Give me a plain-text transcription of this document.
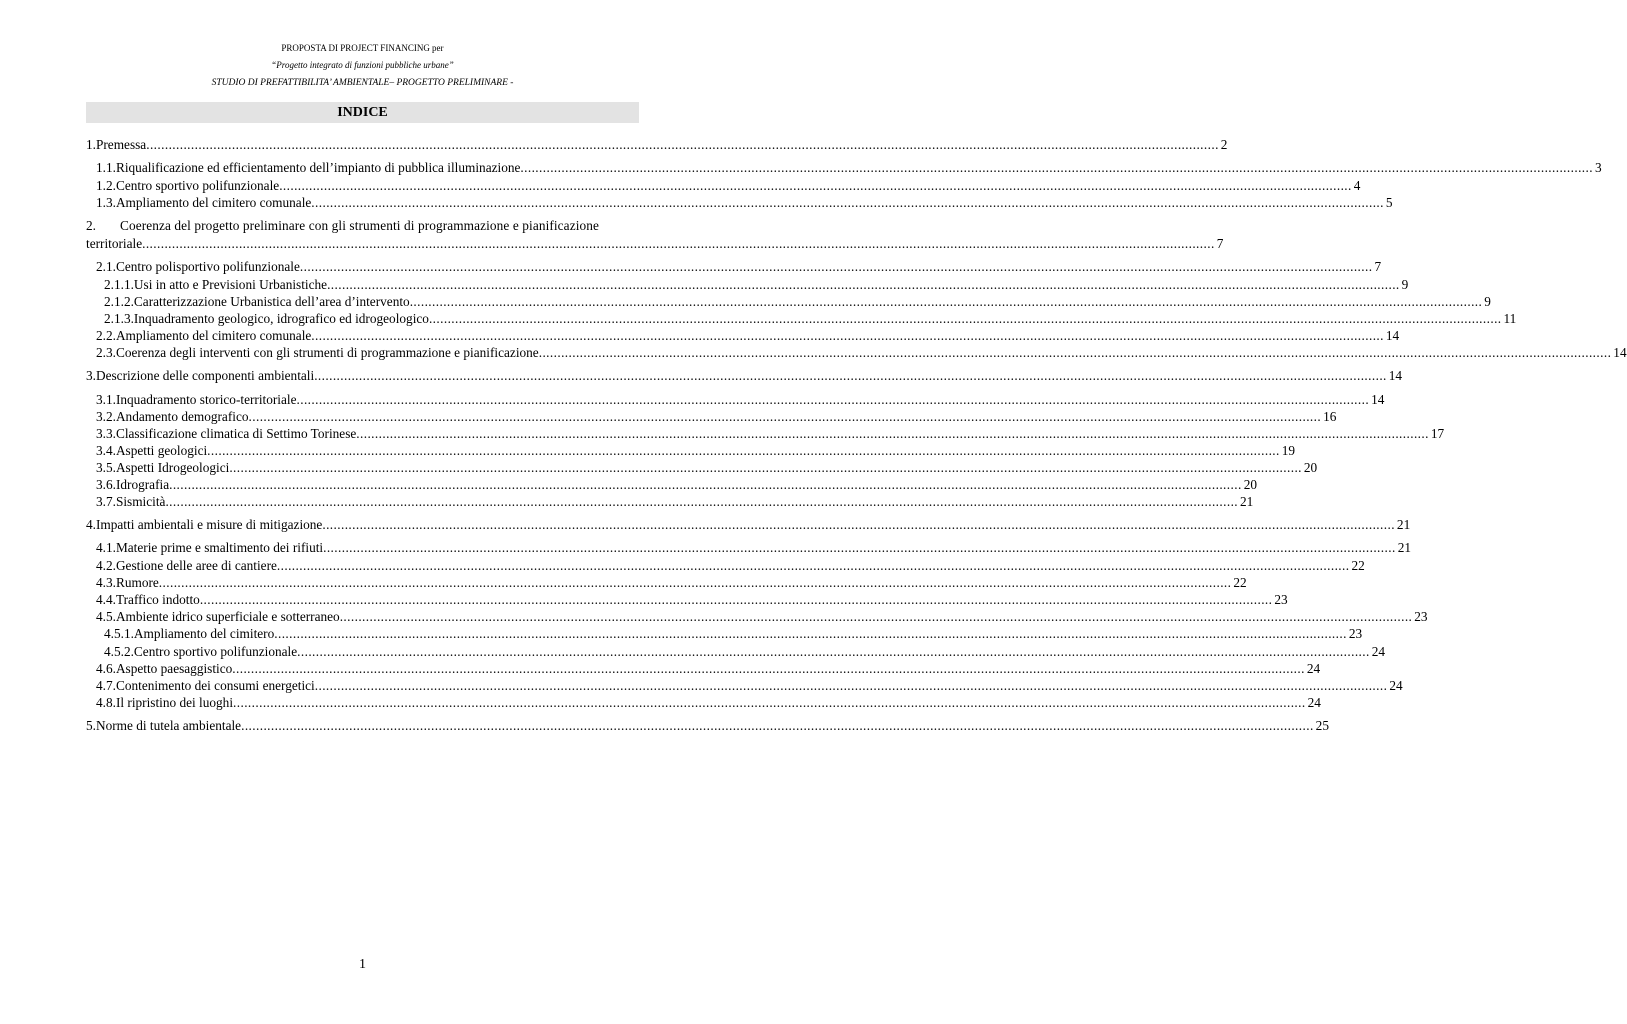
PROPOSTA DI PROJECT FINANCING per
“Progetto integrato di funzioni pubbliche urbane”
STUDIO DI PREFATTIBILITA’ AMBIENTALE– PROGETTO PRELIMINARE -
INDICE
1. Premessa .....	2
1.1. Riqualificazione ed efficientamento dell’impianto di pubblica illuminazione .....	3
1.2. Centro sportivo polifunzionale .....	4
1.3. Ampliamento del cimitero comunale .....	5
2.	Coerenza del progetto preliminare con gli strumenti di programmazione e pianificazione
territoriale .....	7
2.1. Centro polisportivo polifunzionale .....	7
2.1.1. Usi in atto e Previsioni Urbanistiche .....	9
2.1.2. Caratterizzazione Urbanistica dell’area d’intervento .....	9
2.1.3. Inquadramento geologico, idrografico ed idrogeologico .....	11
2.2. Ampliamento del cimitero comunale .....	14
2.3. Coerenza degli interventi con gli strumenti di programmazione e pianificazione .....	14
3. Descrizione delle componenti ambientali .....	14
3.1. Inquadramento storico-territoriale .....	14
3.2. Andamento demografico .....	16
3.3. Classificazione climatica di Settimo Torinese .....	17
3.4. Aspetti geologici .....	19
3.5. Aspetti Idrogeologici .....	20
3.6. Idrografia .....	20
3.7. Sismicità .....	21
4. Impatti ambientali e misure di mitigazione .....	21
4.1. Materie prime e smaltimento dei rifiuti .....	21
4.2. Gestione delle aree di cantiere .....	22
4.3. Rumore .....	22
4.4. Traffico indotto .....	23
4.5. Ambiente idrico superficiale e sotterraneo .....	23
4.5.1. Ampliamento del cimitero .....	23
4.5.2. Centro sportivo polifunzionale .....	24
4.6. Aspetto paesaggistico .....	24
4.7. Contenimento dei consumi energetici .....	24
4.8. Il ripristino dei luoghi .....	24
5. Norme di tutela ambientale .....	25
1
